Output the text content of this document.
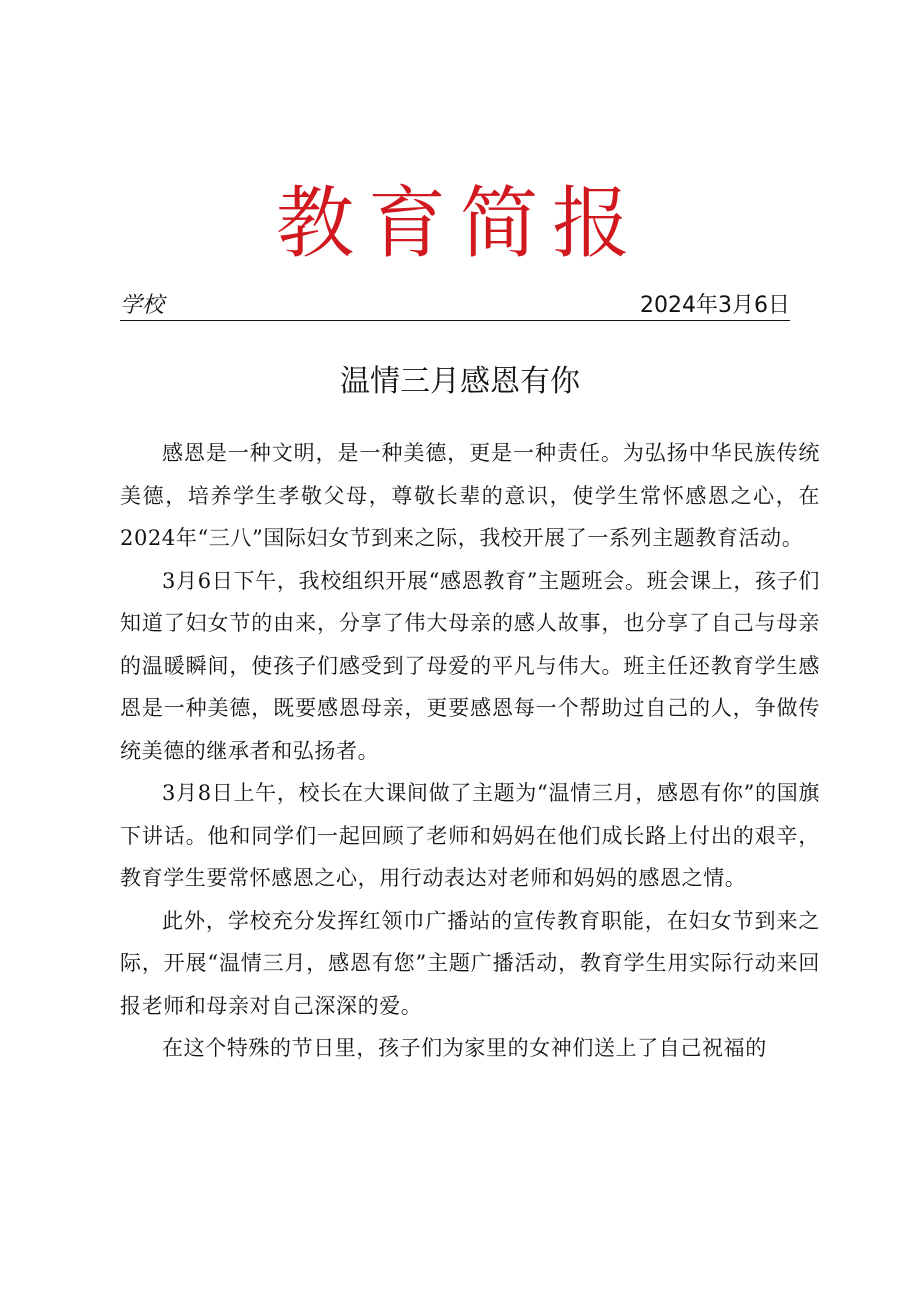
教育简报
学校	2024年3月6日
温情三月感恩有你

感恩是一种文明，是一种美德，更是一种责任。为弘扬中华民族传统美德，培养学生孝敬父母，尊敬长辈的意识，使学生常怀感恩之心，在2024年“三八”国际妇女节到来之际，我校开展了一系列主题教育活动。

3月6日下午，我校组织开展“感恩教育”主题班会。班会课上，孩子们知道了妇女节的由来，分享了伟大母亲的感人故事，也分享了自己与母亲的温暖瞬间，使孩子们感受到了母爱的平凡与伟大。班主任还教育学生感恩是一种美德，既要感恩母亲，更要感恩每一个帮助过自己的人，争做传统美德的继承者和弘扬者。

3月8日上午，校长在大课间做了主题为“温情三月，感恩有你”的国旗下讲话。他和同学们一起回顾了老师和妈妈在他们成长路上付出的艰辛，教育学生要常怀感恩之心，用行动表达对老师和妈妈的感恩之情。

此外，学校充分发挥红领巾广播站的宣传教育职能，在妇女节到来之际，开展“温情三月，感恩有您”主题广播活动，教育学生用实际行动来回报老师和母亲对自己深深的爱。

在这个特殊的节日里，孩子们为家里的女神们送上了自己祝福的
